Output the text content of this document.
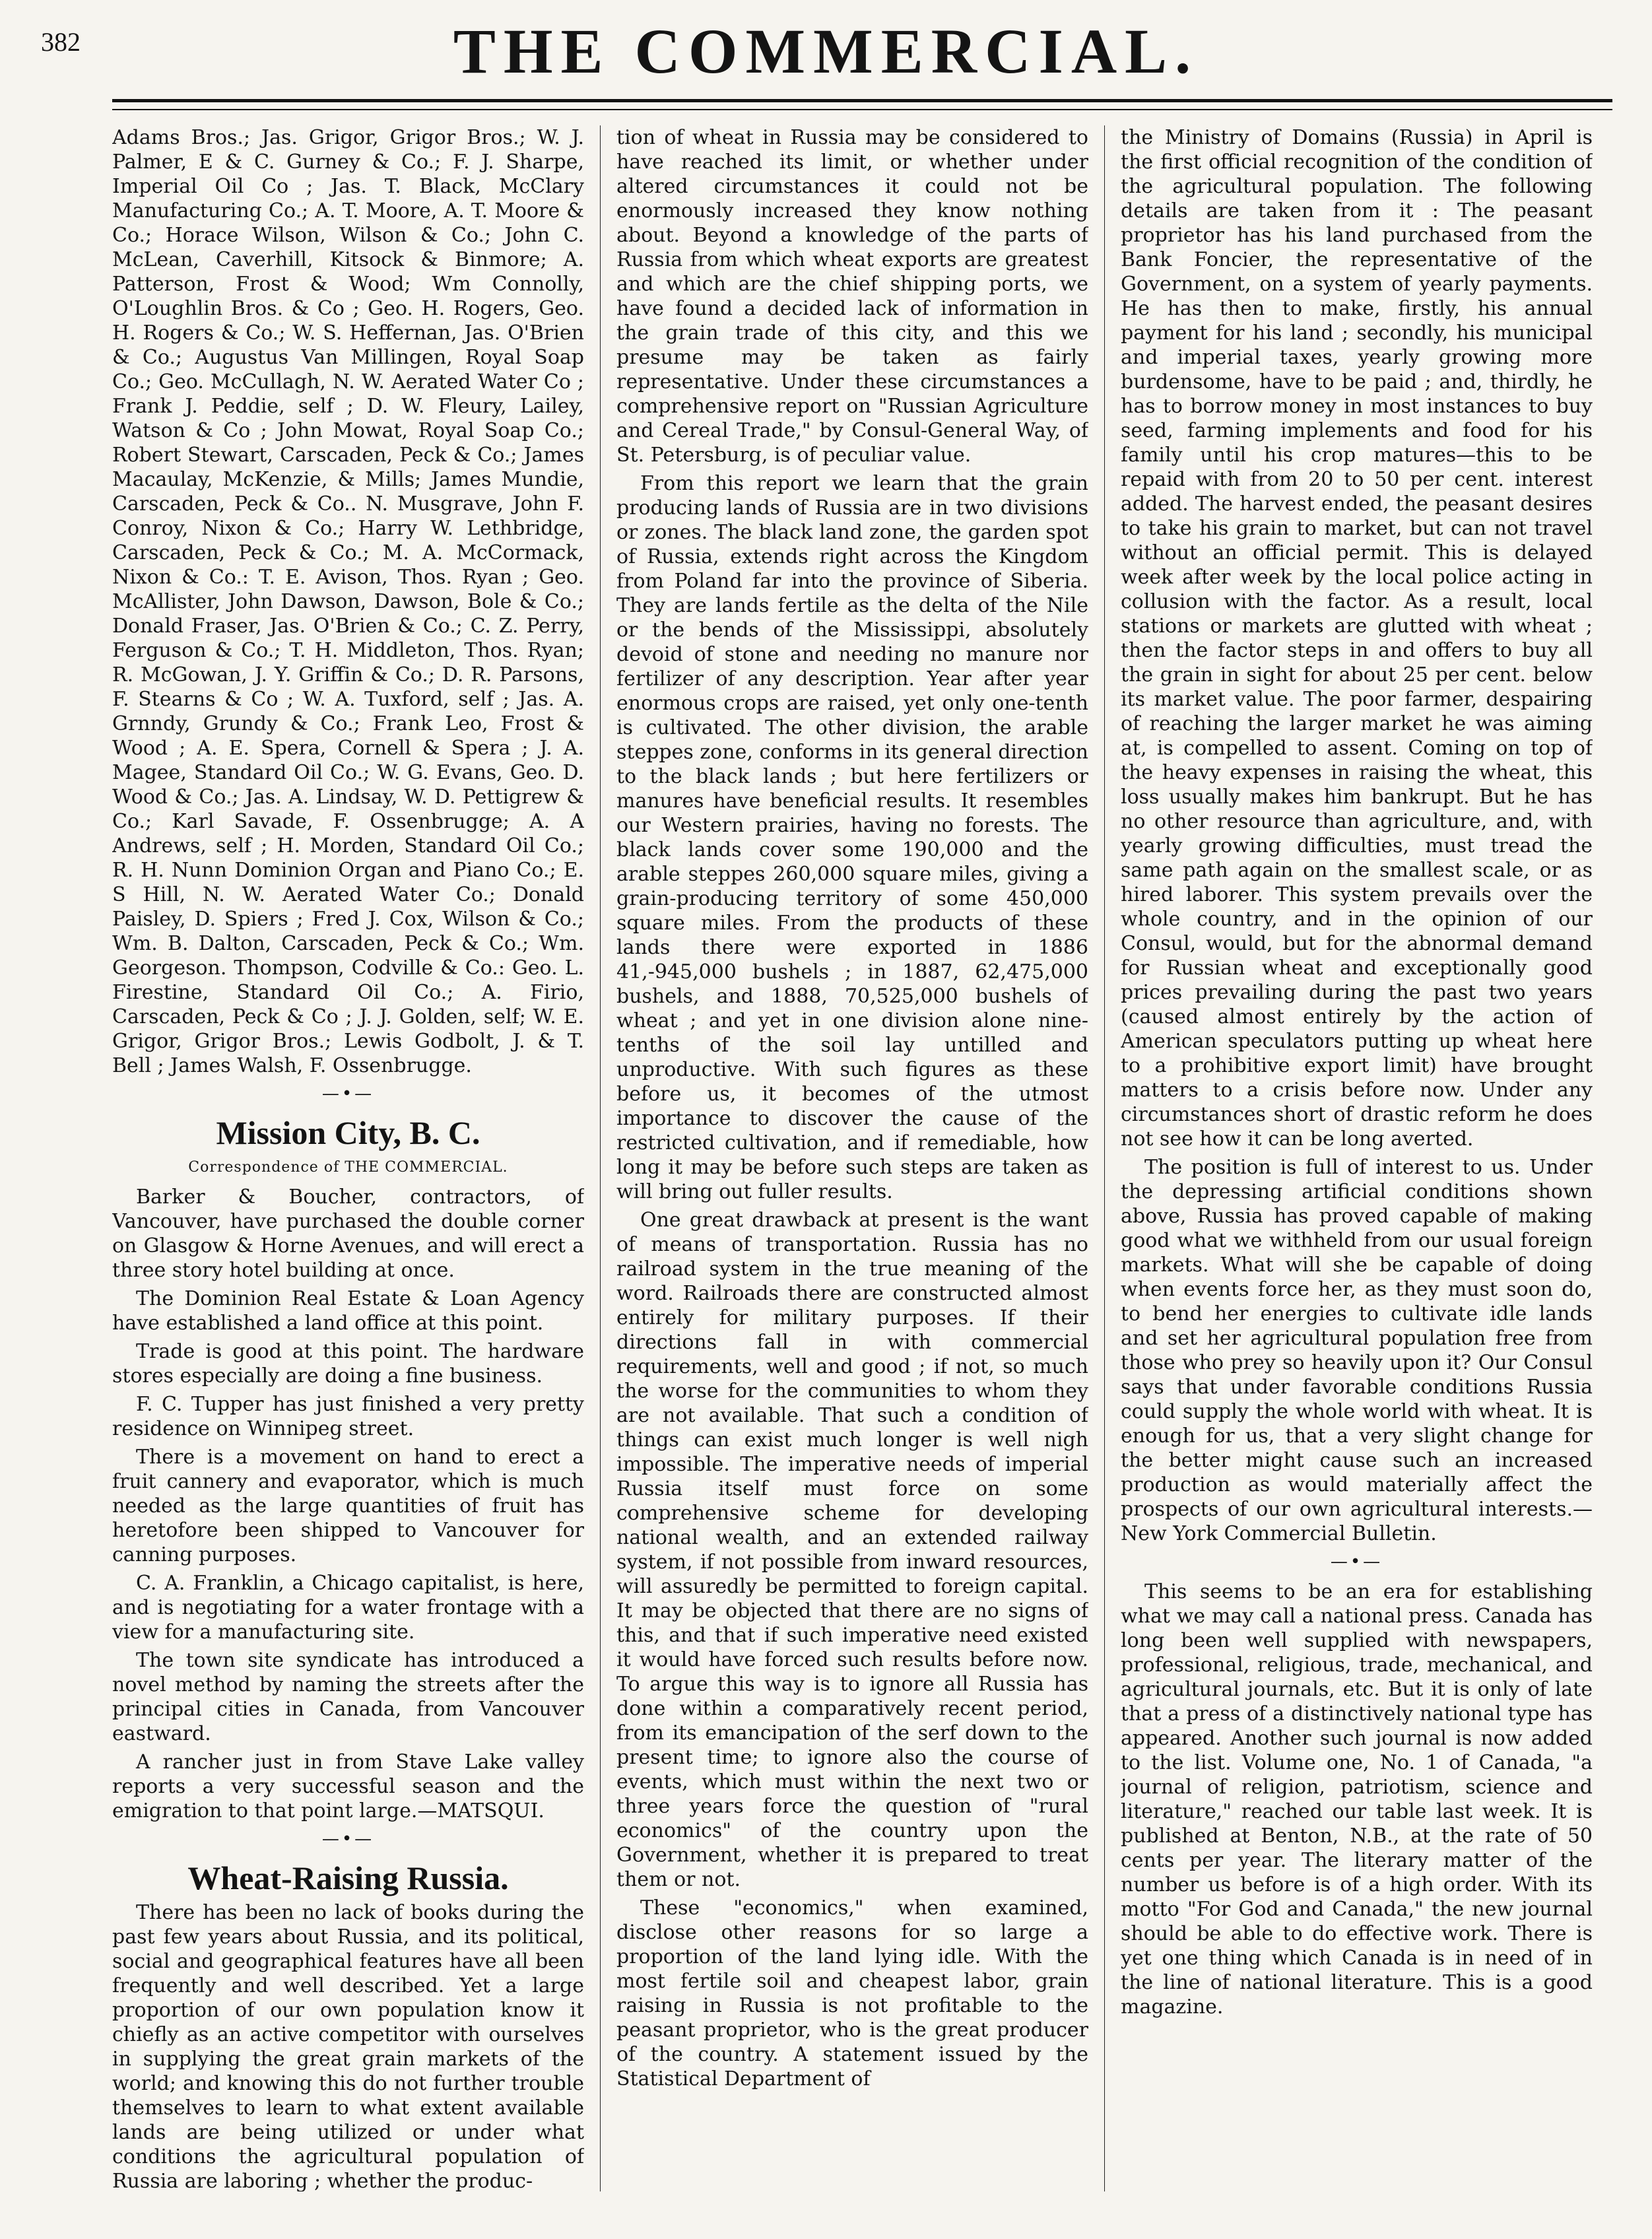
382	THE COMMERCIAL.

Adams Bros.; Jas. Grigor, Grigor Bros.; W. J. Palmer, E & C. Gurney & Co.; F. J. Sharpe, Imperial Oil Co ; Jas. T. Black, McClary Manufacturing Co.; A. T. Moore, A. T. Moore & Co.; Horace Wilson, Wilson & Co.; John C. McLean, Caverhill, Kitsock & Binmore; A. Patterson, Frost & Wood; Wm Connolly, O'Loughlin Bros. & Co ; Geo. H. Rogers, Geo. H. Rogers & Co.; W. S. Heffernan, Jas. O'Brien & Co.; Augustus Van Millingen, Royal Soap Co.; Geo. McCullagh, N. W. Aerated Water Co ; Frank J. Peddie, self ; D. W. Fleury, Lailey, Watson & Co ; John Mowat, Royal Soap Co.; Robert Stewart, Carscaden, Peck & Co.; James Macaulay, McKenzie, & Mills; James Mundie, Carscaden, Peck & Co.. N. Musgrave, John F. Conroy, Nixon & Co.; Harry W. Lethbridge, Carscaden, Peck & Co.; M. A. McCormack, Nixon & Co.: T. E. Avison, Thos. Ryan ; Geo. McAllister, John Dawson, Dawson, Bole & Co.; Donald Fraser, Jas. O'Brien & Co.; C. Z. Perry, Ferguson & Co.; T. H. Middleton, Thos. Ryan; R. McGowan, J. Y. Griffin & Co.; D. R. Parsons, F. Stearns & Co ; W. A. Tuxford, self ; Jas. A. Grnndy, Grundy & Co.; Frank Leo, Frost & Wood ; A. E. Spera, Cornell & Spera ; J. A. Magee, Standard Oil Co.; W. G. Evans, Geo. D. Wood & Co.; Jas. A. Lindsay, W. D. Pettigrew & Co.; Karl Savade, F. Ossenbrugge; A. A Andrews, self ; H. Morden, Standard Oil Co.; R. H. Nunn Dominion Organ and Piano Co.; E. S Hill, N. W. Aerated Water Co.; Donald Paisley, D. Spiers ; Fred J. Cox, Wilson & Co.; Wm. B. Dalton, Carscaden, Peck & Co.; Wm. Georgeson. Thompson, Codville & Co.: Geo. L. Firestine, Standard Oil Co.; A. Firio, Carscaden, Peck & Co ; J. J. Golden, self; W. E. Grigor, Grigor Bros.; Lewis Godbolt, J. & T. Bell ; James Walsh, F. Ossenbrugge.

—•—
Mission City, B. C.
Correspondence of THE COMMERCIAL.

Barker & Boucher, contractors, of Vancouver, have purchased the double corner on Glasgow & Horne Avenues, and will erect a three story hotel building at once.

The Dominion Real Estate & Loan Agency have established a land office at this point.

Trade is good at this point. The hardware stores especially are doing a fine business.

F. C. Tupper has just finished a very pretty residence on Winnipeg street.

There is a movement on hand to erect a fruit cannery and evaporator, which is much needed as the large quantities of fruit has heretofore been shipped to Vancouver for canning purposes.

C. A. Franklin, a Chicago capitalist, is here, and is negotiating for a water frontage with a view for a manufacturing site.

The town site syndicate has introduced a novel method by naming the streets after the principal cities in Canada, from Vancouver eastward.

A rancher just in from Stave Lake valley reports a very successful season and the emigration to that point large.—MATSQUI.

—•—
Wheat-Raising Russia.

There has been no lack of books during the past few years about Russia, and its political, social and geographical features have all been frequently and well described. Yet a large proportion of our own population know it chiefly as an active competitor with ourselves in supplying the great grain markets of the world; and knowing this do not further trouble themselves to learn to what extent available lands are being utilized or under what conditions the agricultural population of Russia are laboring ; whether the produc-

tion of wheat in Russia may be considered to have reached its limit, or whether under altered circumstances it could not be enormously increased they know nothing about. Beyond a knowledge of the parts of Russia from which wheat exports are greatest and which are the chief shipping ports, we have found a decided lack of information in the grain trade of this city, and this we presume may be taken as fairly representative. Under these circumstances a comprehensive report on "Russian Agriculture and Cereal Trade," by Consul-General Way, of St. Petersburg, is of peculiar value.

From this report we learn that the grain producing lands of Russia are in two divisions or zones. The black land zone, the garden spot of Russia, extends right across the Kingdom from Poland far into the province of Siberia. They are lands fertile as the delta of the Nile or the bends of the Mississippi, absolutely devoid of stone and needing no manure nor fertilizer of any description. Year after year enormous crops are raised, yet only one-tenth is cultivated. The other division, the arable steppes zone, conforms in its general direction to the black lands ; but here fertilizers or manures have beneficial results. It resembles our Western prairies, having no forests. The black lands cover some 190,000 and the arable steppes 260,000 square miles, giving a grain-producing territory of some 450,000 square miles. From the products of these lands there were exported in 1886 41,-945,000 bushels ; in 1887, 62,475,000 bushels, and 1888, 70,525,000 bushels of wheat ; and yet in one division alone nine-tenths of the soil lay untilled and unproductive. With such figures as these before us, it becomes of the utmost importance to discover the cause of the restricted cultivation, and if remediable, how long it may be before such steps are taken as will bring out fuller results.

One great drawback at present is the want of means of transportation. Russia has no railroad system in the true meaning of the word. Railroads there are constructed almost entirely for military purposes. If their directions fall in with commercial requirements, well and good ; if not, so much the worse for the communities to whom they are not available. That such a condition of things can exist much longer is well nigh impossible. The imperative needs of imperial Russia itself must force on some comprehensive scheme for developing national wealth, and an extended railway system, if not possible from inward resources, will assuredly be permitted to foreign capital. It may be objected that there are no signs of this, and that if such imperative need existed it would have forced such results before now. To argue this way is to ignore all Russia has done within a comparatively recent period, from its emancipation of the serf down to the present time; to ignore also the course of events, which must within the next two or three years force the question of "rural economics" of the country upon the Government, whether it is prepared to treat them or not.

These "economics," when examined, disclose other reasons for so large a proportion of the land lying idle. With the most fertile soil and cheapest labor, grain raising in Russia is not profitable to the peasant proprietor, who is the great producer of the country. A statement issued by the Statistical Department of

the Ministry of Domains (Russia) in April is the first official recognition of the condition of the agricultural population. The following details are taken from it : The peasant proprietor has his land purchased from the Bank Foncier, the representative of the Government, on a system of yearly payments. He has then to make, firstly, his annual payment for his land ; secondly, his municipal and imperial taxes, yearly growing more burdensome, have to be paid ; and, thirdly, he has to borrow money in most instances to buy seed, farming implements and food for his family until his crop matures—this to be repaid with from 20 to 50 per cent. interest added. The harvest ended, the peasant desires to take his grain to market, but can not travel without an official permit. This is delayed week after week by the local police acting in collusion with the factor. As a result, local stations or markets are glutted with wheat ; then the factor steps in and offers to buy all the grain in sight for about 25 per cent. below its market value. The poor farmer, despairing of reaching the larger market he was aiming at, is compelled to assent. Coming on top of the heavy expenses in raising the wheat, this loss usually makes him bankrupt. But he has no other resource than agriculture, and, with yearly growing difficulties, must tread the same path again on the smallest scale, or as hired laborer. This system prevails over the whole country, and in the opinion of our Consul, would, but for the abnormal demand for Russian wheat and exceptionally good prices prevailing during the past two years (caused almost entirely by the action of American speculators putting up wheat here to a prohibitive export limit) have brought matters to a crisis before now. Under any circumstances short of drastic reform he does not see how it can be long averted.

The position is full of interest to us. Under the depressing artificial conditions shown above, Russia has proved capable of making good what we withheld from our usual foreign markets. What will she be capable of doing when events force her, as they must soon do, to bend her energies to cultivate idle lands and set her agricultural population free from those who prey so heavily upon it? Our Consul says that under favorable conditions Russia could supply the whole world with wheat. It is enough for us, that a very slight change for the better might cause such an increased production as would materially affect the prospects of our own agricultural interests.—New York Commercial Bulletin.

—•—

This seems to be an era for establishing what we may call a national press. Canada has long been well supplied with newspapers, professional, religious, trade, mechanical, and agricultural journals, etc. But it is only of late that a press of a distinctively national type has appeared. Another such journal is now added to the list. Volume one, No. 1 of Canada, "a journal of religion, patriotism, science and literature," reached our table last week. It is published at Benton, N.B., at the rate of 50 cents per year. The literary matter of the number us before is of a high order. With its motto "For God and Canada," the new journal should be able to do effective work. There is yet one thing which Canada is in need of in the line of national literature. This is a good magazine.
